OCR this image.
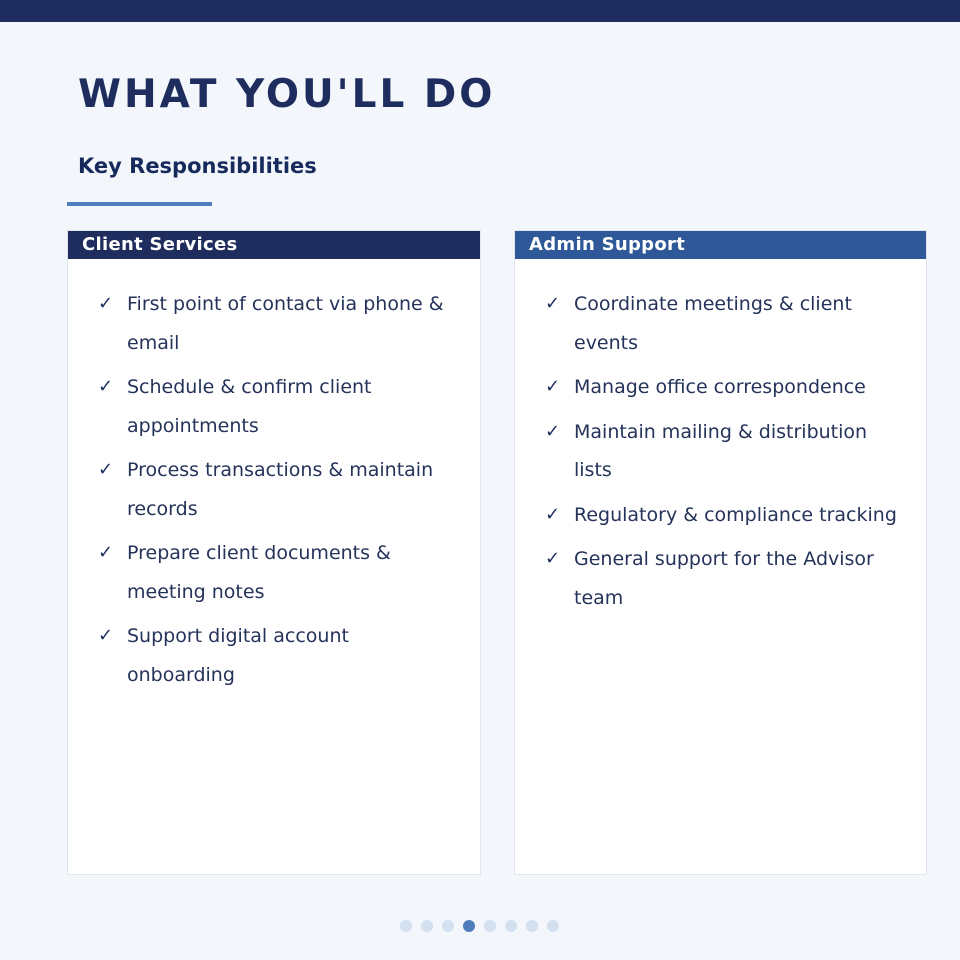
WHAT YOU'LL DO
Key Responsibilities
Client Services
✓ First point of contact via phone & email
✓ Schedule & confirm client appointments
✓ Process transactions & maintain records
✓ Prepare client documents & meeting notes
✓ Support digital account onboarding
Admin Support
✓ Coordinate meetings & client events
✓ Manage office correspondence
✓ Maintain mailing & distribution lists
✓ Regulatory & compliance tracking
✓ General support for the Advisor team
